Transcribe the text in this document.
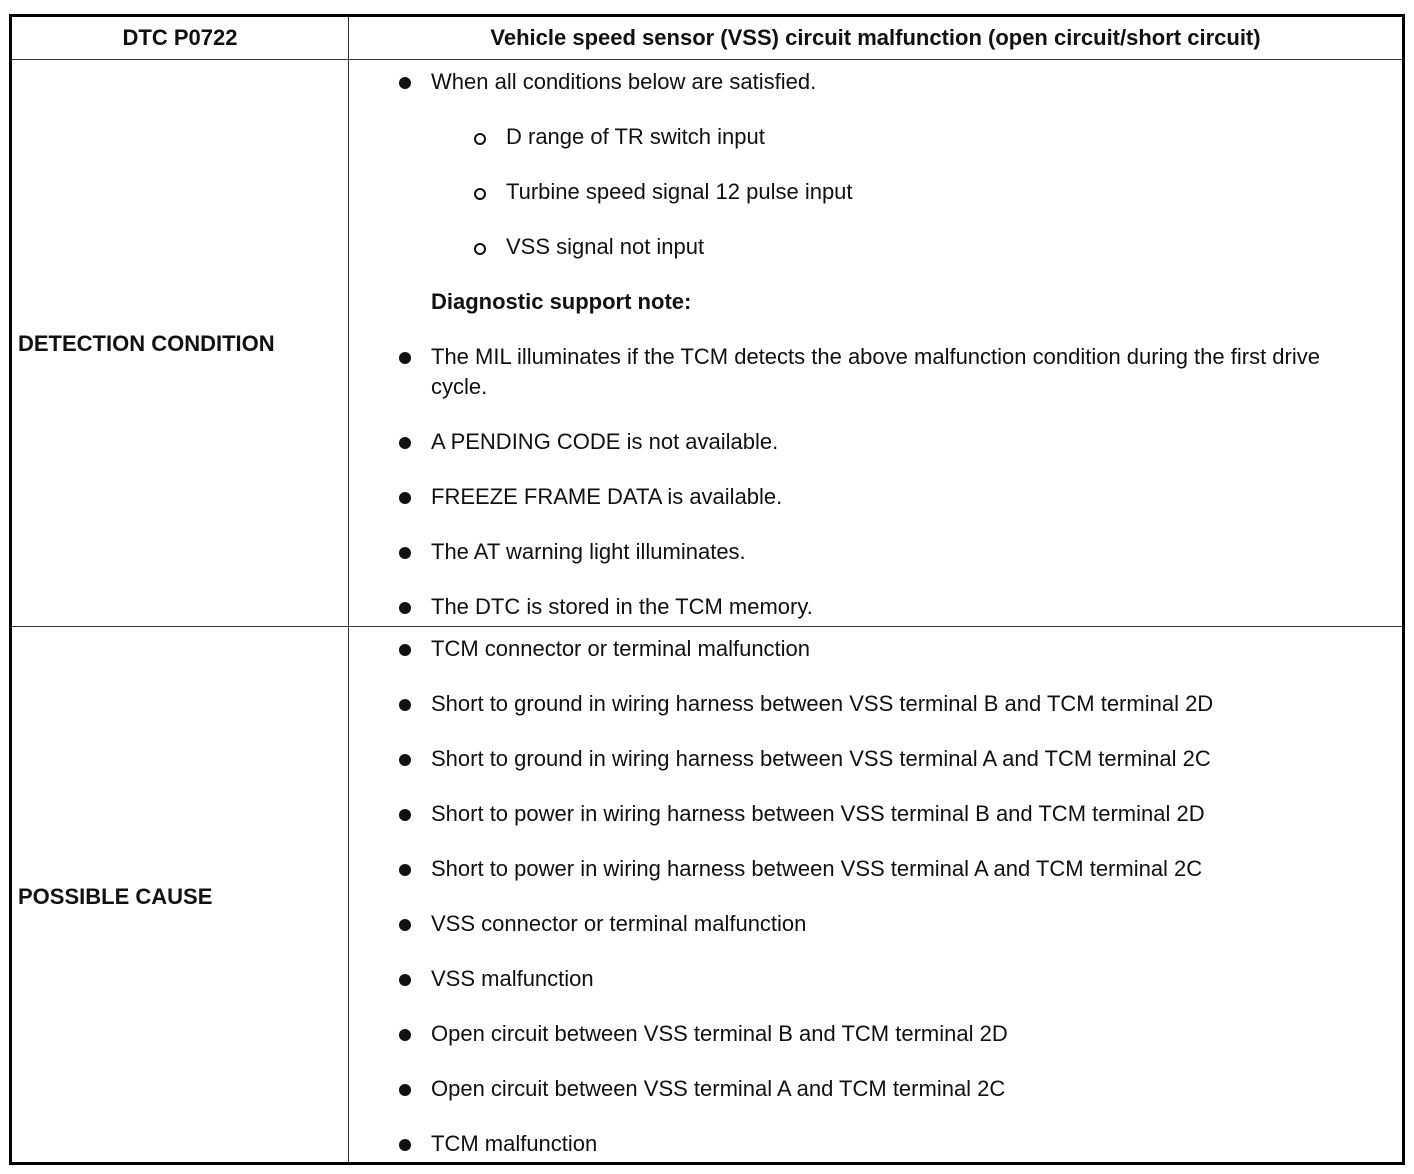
DTC P0722	Vehicle speed sensor (VSS) circuit malfunction (open circuit/short circuit)
DETECTION CONDITION
When all conditions below are satisfied.
D range of TR switch input
Turbine speed signal 12 pulse input
VSS signal not input
Diagnostic support note:
The MIL illuminates if the TCM detects the above malfunction condition during the first drive cycle.
A PENDING CODE is not available.
FREEZE FRAME DATA is available.
The AT warning light illuminates.
The DTC is stored in the TCM memory.
POSSIBLE CAUSE
TCM connector or terminal malfunction
Short to ground in wiring harness between VSS terminal B and TCM terminal 2D
Short to ground in wiring harness between VSS terminal A and TCM terminal 2C
Short to power in wiring harness between VSS terminal B and TCM terminal 2D
Short to power in wiring harness between VSS terminal A and TCM terminal 2C
VSS connector or terminal malfunction
VSS malfunction
Open circuit between VSS terminal B and TCM terminal 2D
Open circuit between VSS terminal A and TCM terminal 2C
TCM malfunction
